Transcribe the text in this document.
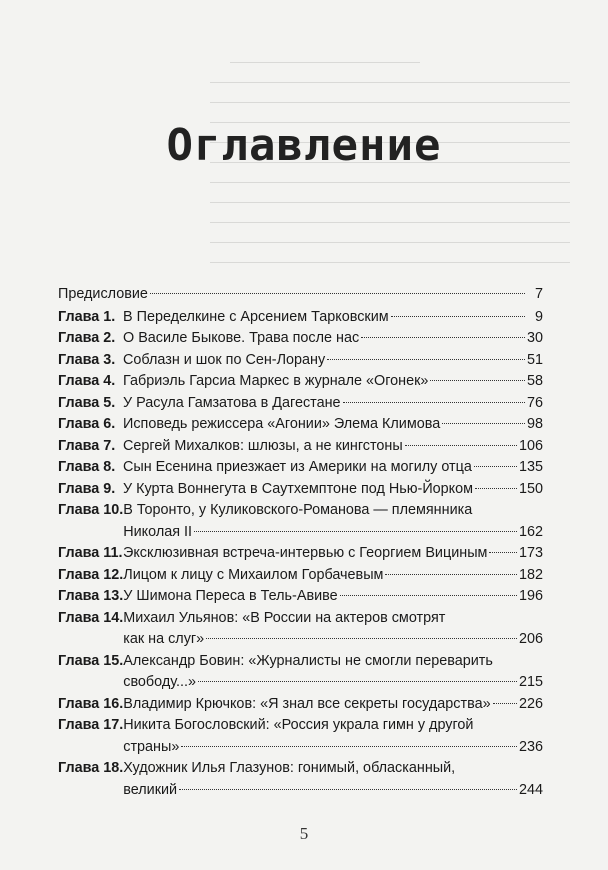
Оглавление
Предисловие	7
Глава 1. В Переделкине с Арсением Тарковским	9
Глава 2. О Василе Быкове. Трава после нас	30
Глава 3. Соблазн и шок по Сен-Лорану	51
Глава 4. Габриэль Гарсиа Маркес в журнале «Огонек»	58
Глава 5. У Расула Гамзатова в Дагестане	76
Глава 6. Исповедь режиссера «Агонии» Элема Климова	98
Глава 7. Сергей Михалков: шлюзы, а не кингстоны	106
Глава 8. Сын Есенина приезжает из Америки на могилу отца	135
Глава 9. У Курта Воннегута в Саутхемптоне под Нью-Йорком	150
Глава 10. В Торонто, у Куликовского-Романова — племянника
Николая II	162
Глава 11. Эксклюзивная встреча-интервью с Георгием Вициным 173
Глава 12. Лицом к лицу с Михаилом Горбачевым	182
Глава 13. У Шимона Переса в Тель-Авиве	196
Глава 14. Михаил Ульянов: «В России на актеров смотрят
как на слуг»	206
Глава 15. Александр Бовин: «Журналисты не смогли переварить
свободу...»	215
Глава 16. Владимир Крючков: «Я знал все секреты государства» 226
Глава 17. Никита Богословский: «Россия украла гимн у другой
страны»	236
Глава 18. Художник Илья Глазунов: гонимый, обласканный,
великий	244
5
